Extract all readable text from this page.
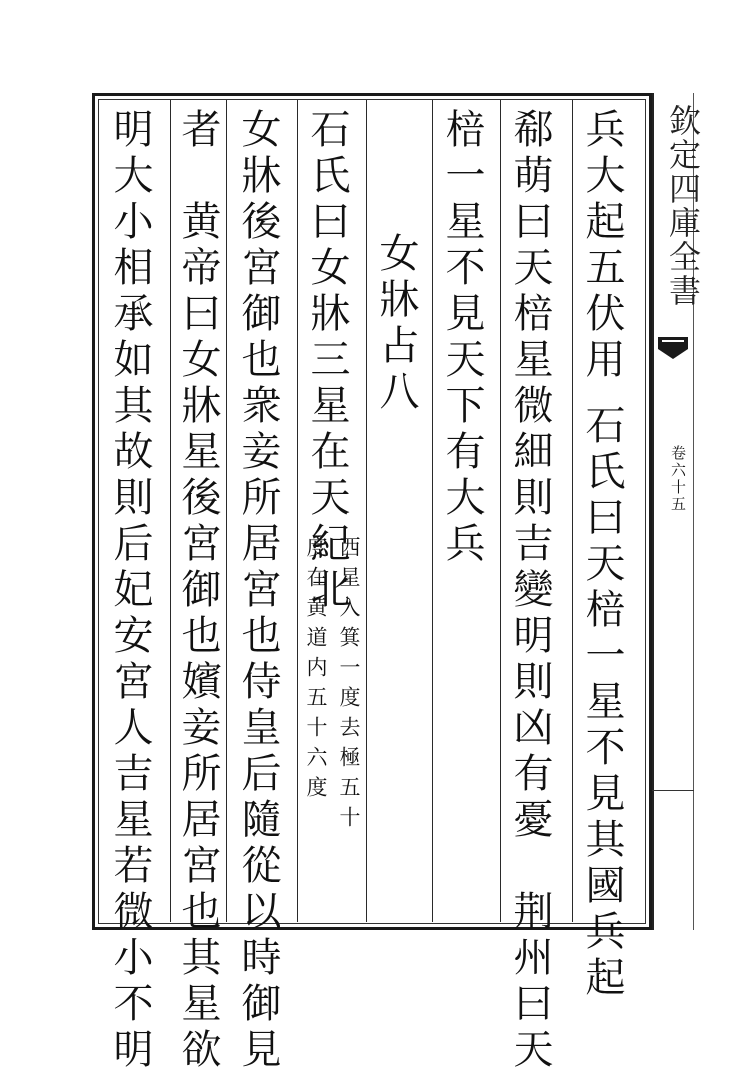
兵大起五伏用石氏曰天棓一星不見其國兵起
郗萌曰天棓星微細則吉變明則凶有憂　荆州曰天
棓一星不見天下有大兵
女牀占八
石氏曰女牀三星在天紀北
西星入箕一度去極五十
度在黄道内五十六度
女牀後宮御也衆妾所居宮也侍皇后隨從以時御見
者　黄帝曰女牀星後宮御也嬪妾所居宮也其星欲
明大小相承如其故則后妃安宮人吉星若微小不明	欽定四庫全書
卷六十五
